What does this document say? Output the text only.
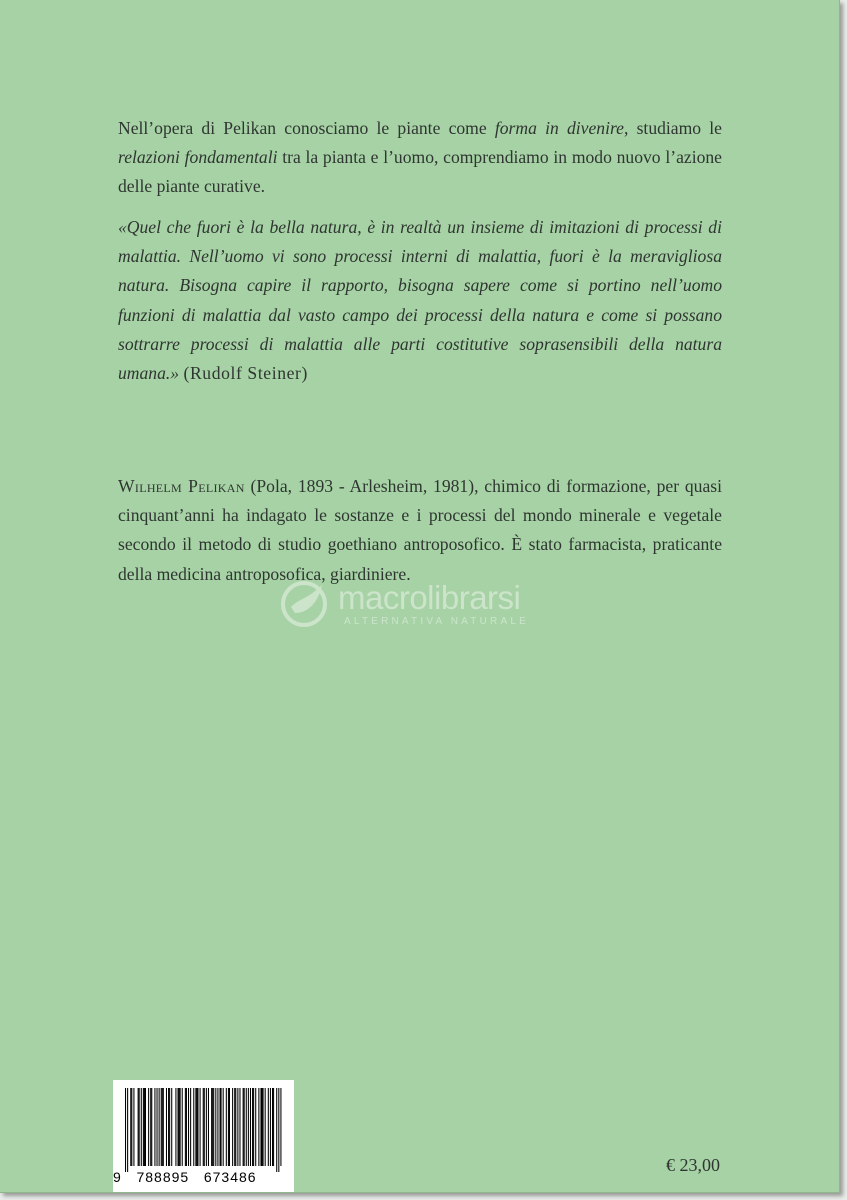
Nell’opera di Pelikan conosciamo le piante come forma in divenire, studiamo le relazioni fondamentali tra la pianta e l’uomo, comprendiamo in modo nuovo l’azione delle piante curative.

«Quel che fuori è la bella natura, è in realtà un insieme di imitazioni di processi di malattia. Nell’uomo vi sono processi interni di malattia, fuori è la meravigliosa natura. Bisogna capire il rapporto, bisogna sapere come si portino nell’uomo funzioni di malattia dal vasto campo dei processi della natura e come si possano sottrarre processi di malattia alle parti costitutive soprasensibili della natura umana.» (Rudolf Steiner)

Wilhelm Pelikan (Pola, 1893 - Arlesheim, 1981), chimico di formazione, per quasi cinquant’anni ha indagato le sostanze e i processi del mondo minerale e vegetale secondo il metodo di studio goethiano antroposofico. È stato farmacista, praticante della medicina antroposofica, giardiniere.

macrolibrarsi
ALTERNATIVA NATURALE
9   788895   673486
€ 23,00
